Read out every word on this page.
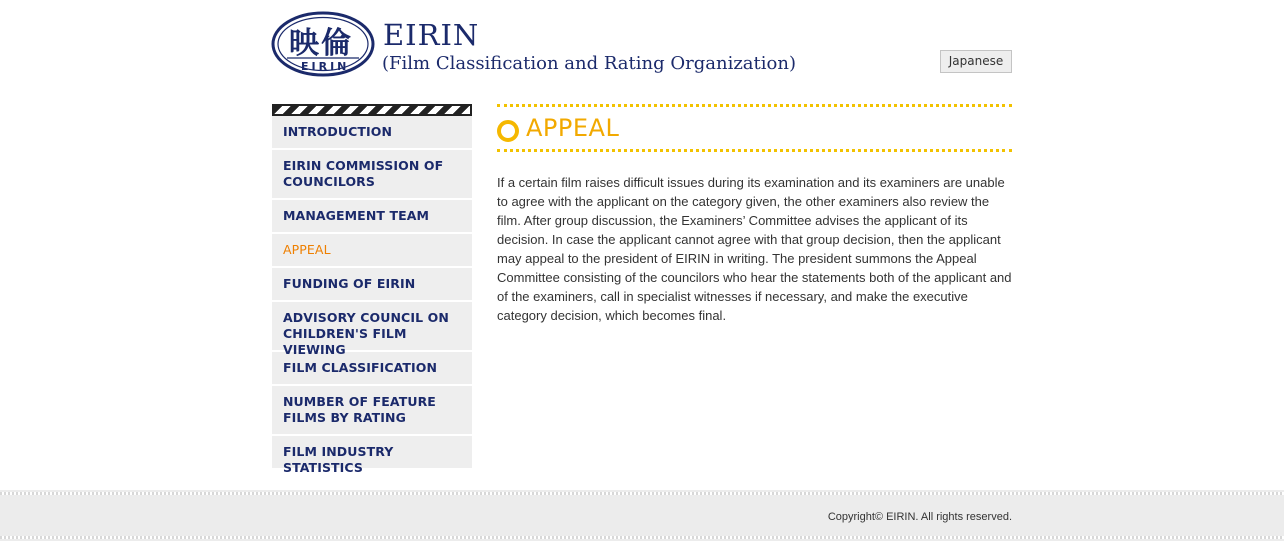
映倫
EIRIN
EIRIN
(Film Classification and Rating Organization)	Japanese
INTRODUCTION
EIRIN COMMISSION OF COUNCILORS
MANAGEMENT TEAM
APPEAL
FUNDING OF EIRIN
ADVISORY COUNCIL ON CHILDREN'S FILM VIEWING
FILM CLASSIFICATION
NUMBER OF FEATURE FILMS BY RATING
FILM INDUSTRY STATISTICS
APPEAL

If a certain film raises difficult issues during its examination and its examiners are unable to agree with the applicant on the category given, the other examiners also review the film. After group discussion, the Examiners’ Committee advises the applicant of its decision. In case the applicant cannot agree with that group decision, then the applicant may appeal to the president of EIRIN in writing. The president summons the Appeal Committee consisting of the councilors who hear the statements both of the applicant and of the examiners, call in specialist witnesses if necessary, and make the executive category decision, which becomes final.

Copyright© EIRIN. All rights reserved.
